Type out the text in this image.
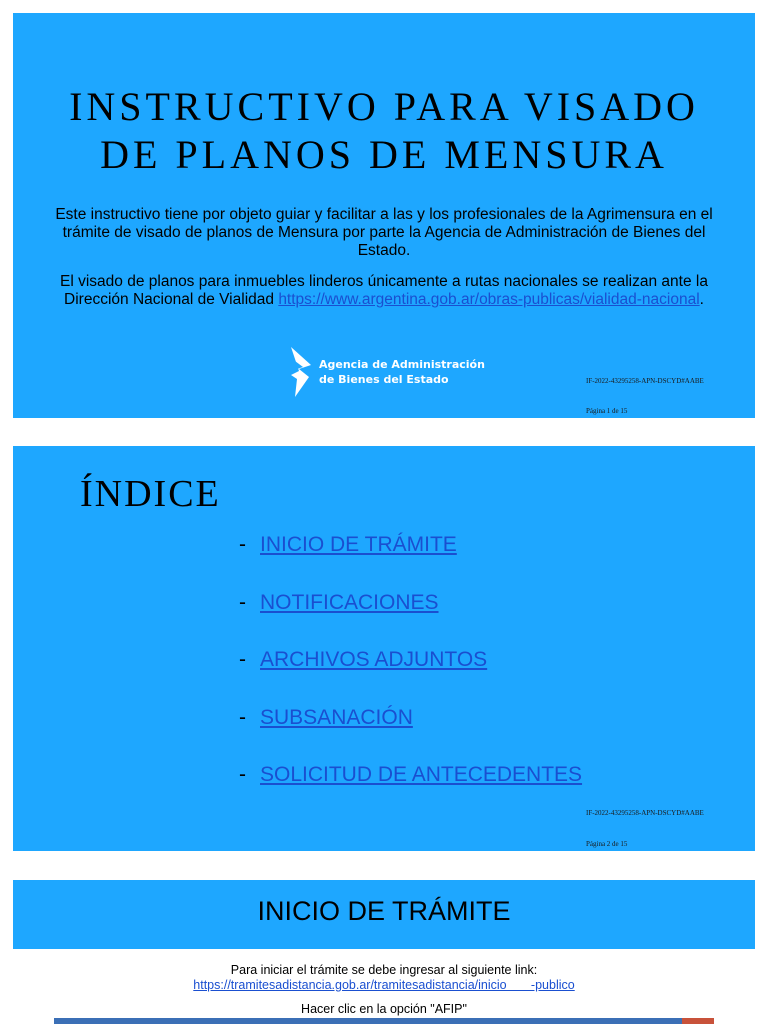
INSTRUCTIVO PARA VISADO
DE PLANOS DE MENSURA

Este instructivo tiene por objeto guiar y facilitar a las y los profesionales de la Agrimensura en el trámite de visado de planos de Mensura por parte la Agencia de Administración de Bienes del Estado.

El visado de planos para inmuebles linderos únicamente a rutas nacionales se realizan ante la Dirección Nacional de Vialidad https://www.argentina.gob.ar/obras-publicas/vialidad-nacional.

Agencia de Administración
de Bienes del Estado	IF-2022-43295258-APN-DSCYD#AABE
Página 1 de 15
ÍNDICE
- INICIO DE TRÁMITE
- NOTIFICACIONES
- ARCHIVOS ADJUNTOS
- SUBSANACIÓN
- SOLICITUD DE ANTECEDENTES
IF-2022-43295258-APN-DSCYD#AABE
Página 2 de 15
INICIO DE TRÁMITE
Para iniciar el trámite se debe ingresar al siguiente link:
https://tramitesadistancia.gob.ar/tramitesadistancia/inicio       -publico
Hacer clic en la opción "AFIP"
